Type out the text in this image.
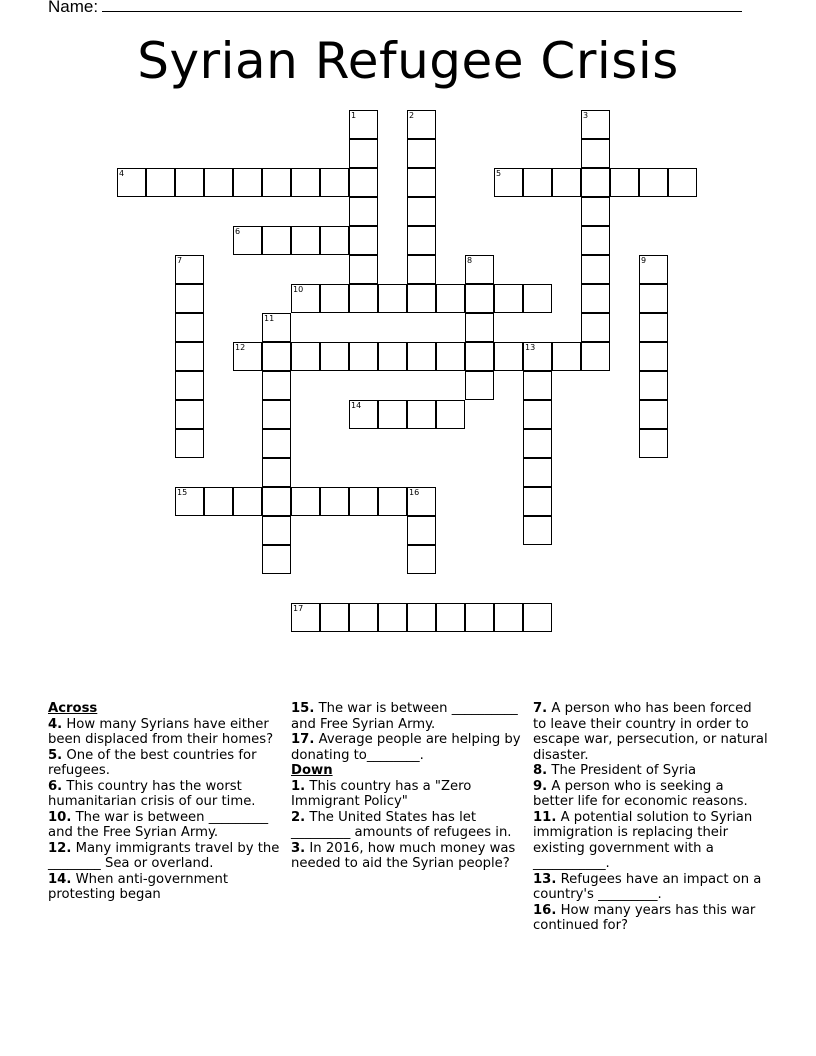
Name:
Syrian Refugee Crisis
1	2	3
4	5
6
7	8	9
10
11
12	13
14
15	16
17

Across

4. How many Syrians have either been displaced from their homes?

5. One of the best countries for refugees.

6. This country has the worst humanitarian crisis of our time.

10. The war is between _________ and the Free Syrian Army.

12. Many immigrants travel by the ________ Sea or overland.

14. When anti-government protesting began

15. The war is between __________ and Free Syrian Army.

17. Average people are helping by donating to________.

Down

1. This country has a "Zero Immigrant Policy"

2. The United States has let _________ amounts of refugees in.

3. In 2016, how much money was needed to aid the Syrian people?

7. A person who has been forced to leave their country in order to escape war, persecution, or natural disaster.

8. The President of Syria

9. A person who is seeking a better life for economic reasons.

11. A potential solution to Syrian immigration is replacing their existing government with a ___________.

13. Refugees have an impact on a country's _________.

16. How many years has this war continued for?
